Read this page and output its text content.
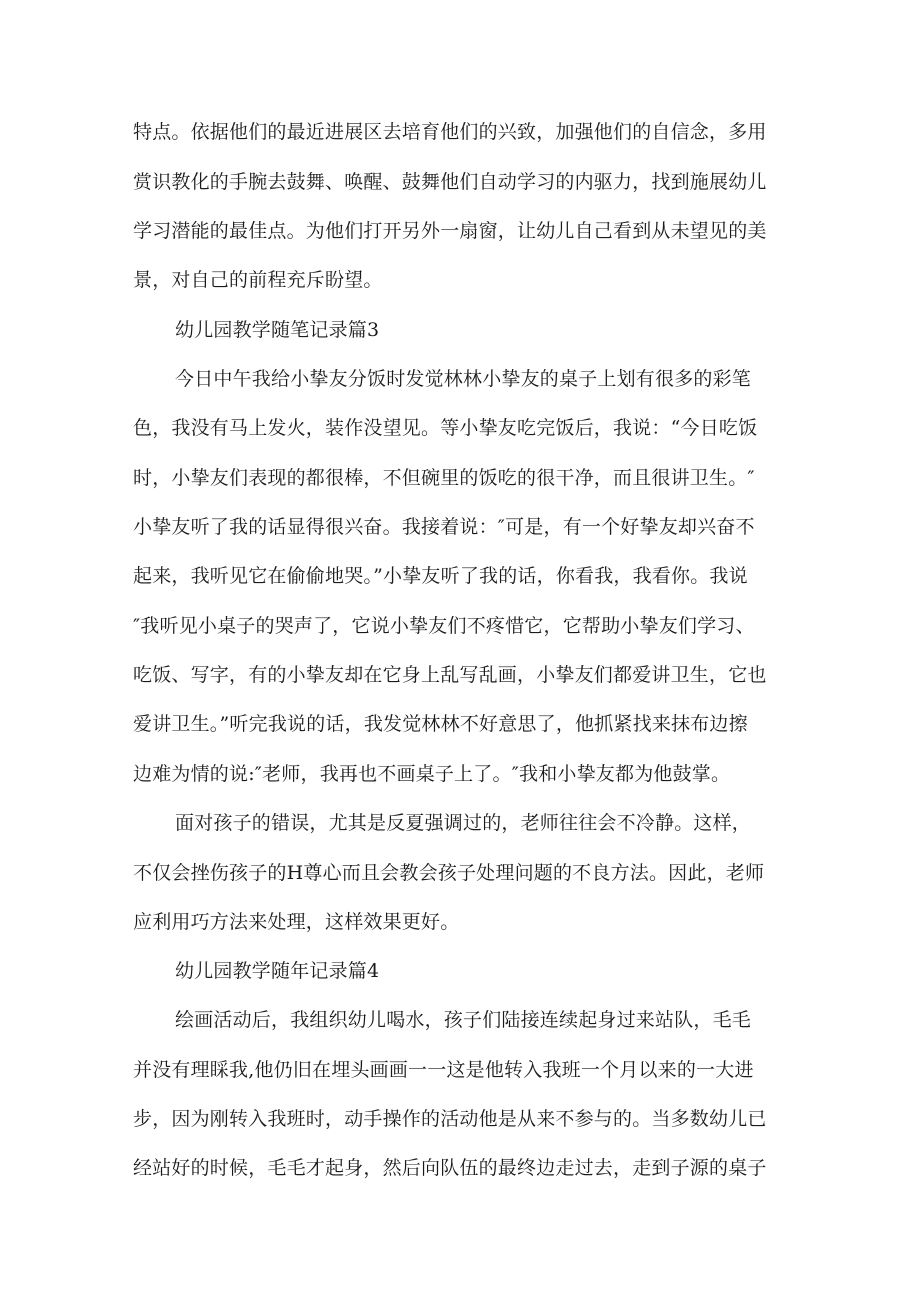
特点。依据他们的最近进展区去培育他们的兴致，加强他们的自信念，多用

赏识教化的手腕去鼓舞、唤醒、鼓舞他们自动学习的内驱力，找到施展幼儿

学习潜能的最佳点。为他们打开另外一扇窗，让幼儿自己看到从未望见的美

景，对自己的前程充斥盼望。

幼儿园教学随笔记录篇3

今日中午我给小挚友分饭时发觉林林小挚友的桌子上划有很多的彩笔

色，我没有马上发火，装作没望见。等小挚友吃完饭后，我说：“今日吃饭

时，小挚友们表现的都很棒，不但碗里的饭吃的很干净，而且很讲卫生。″

小挚友听了我的话显得很兴奋。我接着说：″可是，有一个好挚友却兴奋不

起来，我听见它在偷偷地哭。”小挚友听了我的话，你看我，我看你。我说

″我听见小桌子的哭声了，它说小挚友们不疼惜它，它帮助小挚友们学习、

吃饭、写字，有的小挚友却在它身上乱写乱画，小挚友们都爱讲卫生，它也

爱讲卫生。”听完我说的话，我发觉林林不好意思了，他抓紧找来抹布边擦

边难为情的说:″老师，我再也不画桌子上了。″我和小挚友都为他鼓掌。

面对孩子的错误，尤其是反夏强调过的，老师往往会不冷静。这样，

不仅会挫伤孩子的H尊心而且会教会孩子处理问题的不良方法。因此，老师

应利用巧方法来处理，这样效果更好。

幼儿园教学随年记录篇4

绘画活动后，我组织幼儿喝水，孩子们陆接连续起身过来站队，毛毛

并没有理睬我,他仍旧在埋头画画一一这是他转入我班一个月以来的一大进

步，因为刚转入我班时，动手操作的活动他是从来不参与的。当多数幼儿已

经站好的时候，毛毛才起身，然后向队伍的最终边走过去，走到子源的桌子
